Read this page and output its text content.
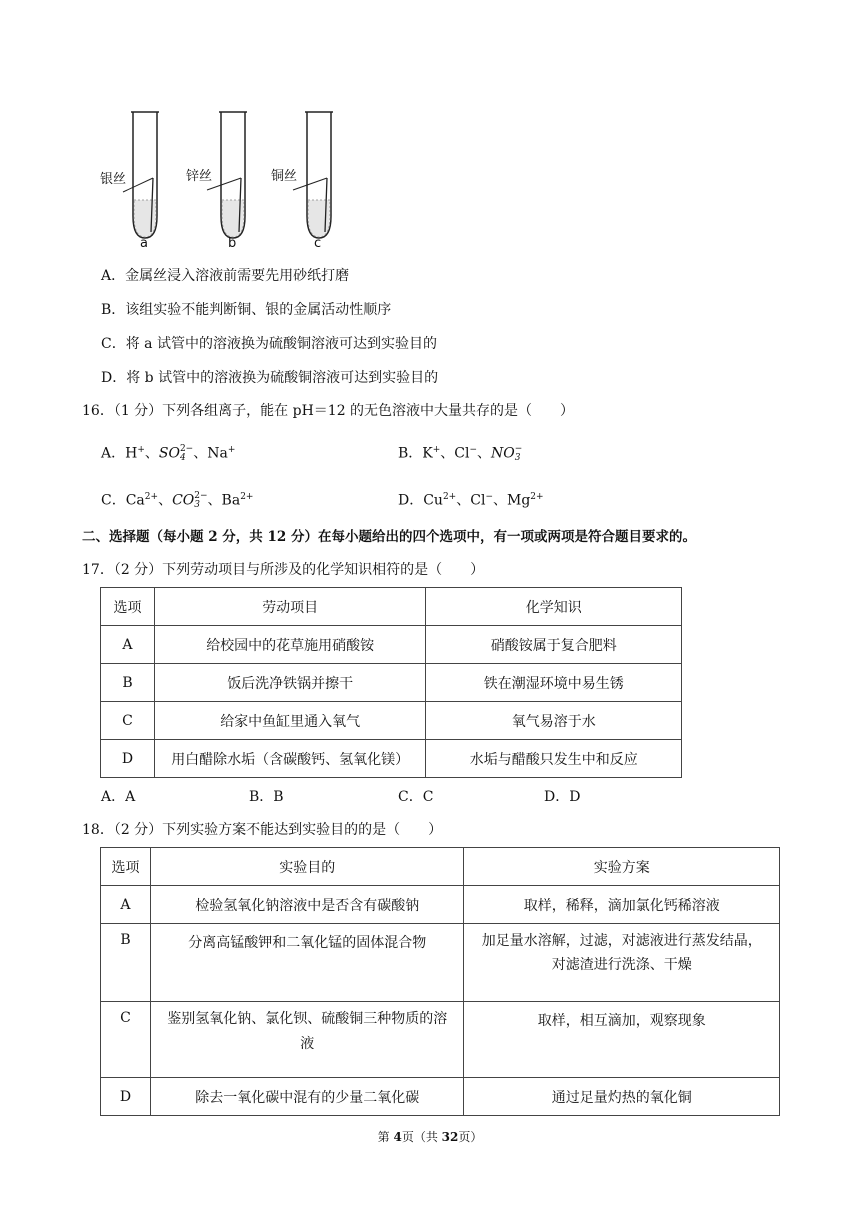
银丝	锌丝	铜丝
a	b	c
A．金属丝浸入溶液前需要先用砂纸打磨
B．该组实验不能判断铜、银的金属活动性顺序
C．将 a 试管中的溶液换为硫酸铜溶液可达到实验目的
D．将 b 试管中的溶液换为硫酸铜溶液可达到实验目的
16．（1 分）下列各组离子，能在 pH＝12 的无色溶液中大量共存的是（　　）
A．H+、SO 2−
4 、Na+	B．K+、Cl−、NO −
3
C．$Ca^{2+}$、CO 2−
3 、$Ba^{2+}$	D．$Cu^{2+}$、Cl−、$Mg^{2+}$
二、选择题（每小题 2 分，共 12 分）在每小题给出的四个选项中，有一项或两项是符合题目要求的。
17．（2 分）下列劳动项目与所涉及的化学知识相符的是（　　）
选项	劳动项目	化学知识
A	给校园中的花草施用硝酸铵	硝酸铵属于复合肥料
B	饭后洗净铁锅并擦干	铁在潮湿环境中易生锈
C	给家中鱼缸里通入氧气	氧气易溶于水
D	用白醋除水垢（含碳酸钙、氢氧化镁）	水垢与醋酸只发生中和反应
A．A	B．B	C．C	D．D
18．（2 分）下列实验方案不能达到实验目的的是（　　）
选项	实验目的	实验方案
A	检验氢氧化钠溶液中是否含有碳酸钠	取样，稀释，滴加氯化钙稀溶液
B	分离高锰酸钾和二氧化锰的固体混合物	加足量水溶解，过滤，对滤液进行蒸发结晶，
对滤渣进行洗涤、干燥

C	鉴别氢氧化钠、氯化钡、硫酸铜三种物质的溶
液	取样，相互滴加，观察现象
D	除去一氧化碳中混有的少量二氧化碳	通过足量灼热的氧化铜
第 4页（共 32页）
